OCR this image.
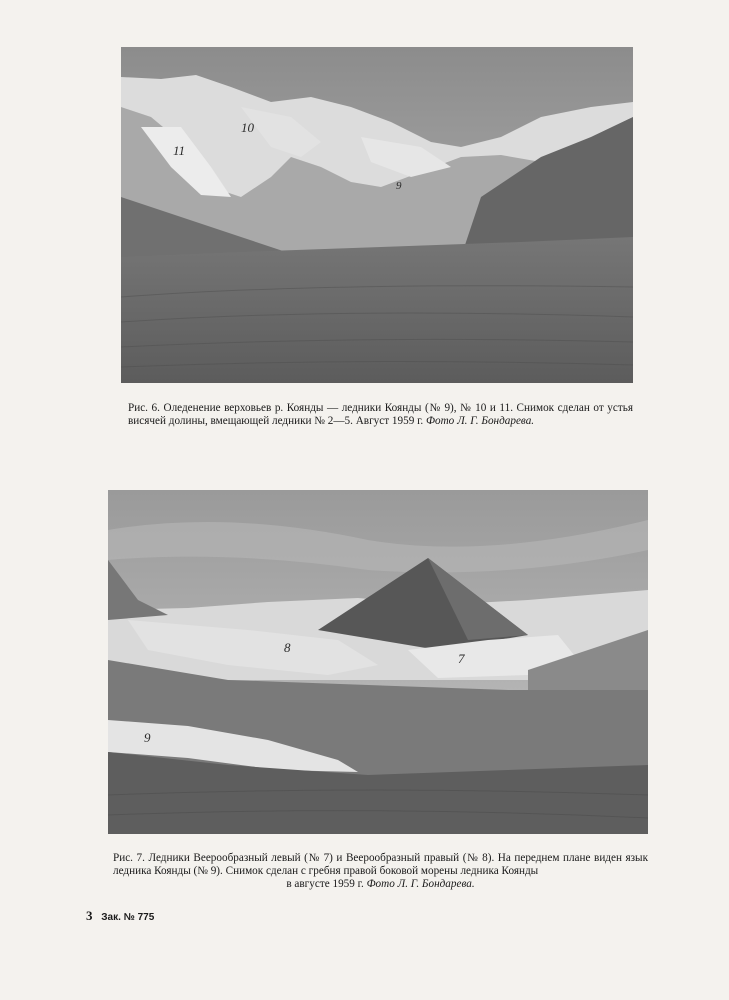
11
10
9
Рис. 6. Оледенение верховьев р. Коянды — ледники Коянды (№ 9), № 10 и 11. Снимок сделан от устья висячей долины, вмещающей ледники № 2—5. Август 1959 г. Фото Л. Г. Бондарева.
8
7
9
Рис. 7. Ледники Веерообразный левый (№ 7) и Веерообразный правый (№ 8). На переднем плане виден язык ледника Коянды (№ 9). Снимок сделан с гребня правой боковой морены ледника Коянды
в августе 1959 г. Фото Л. Г. Бондарева.
3 Зак. № 775
